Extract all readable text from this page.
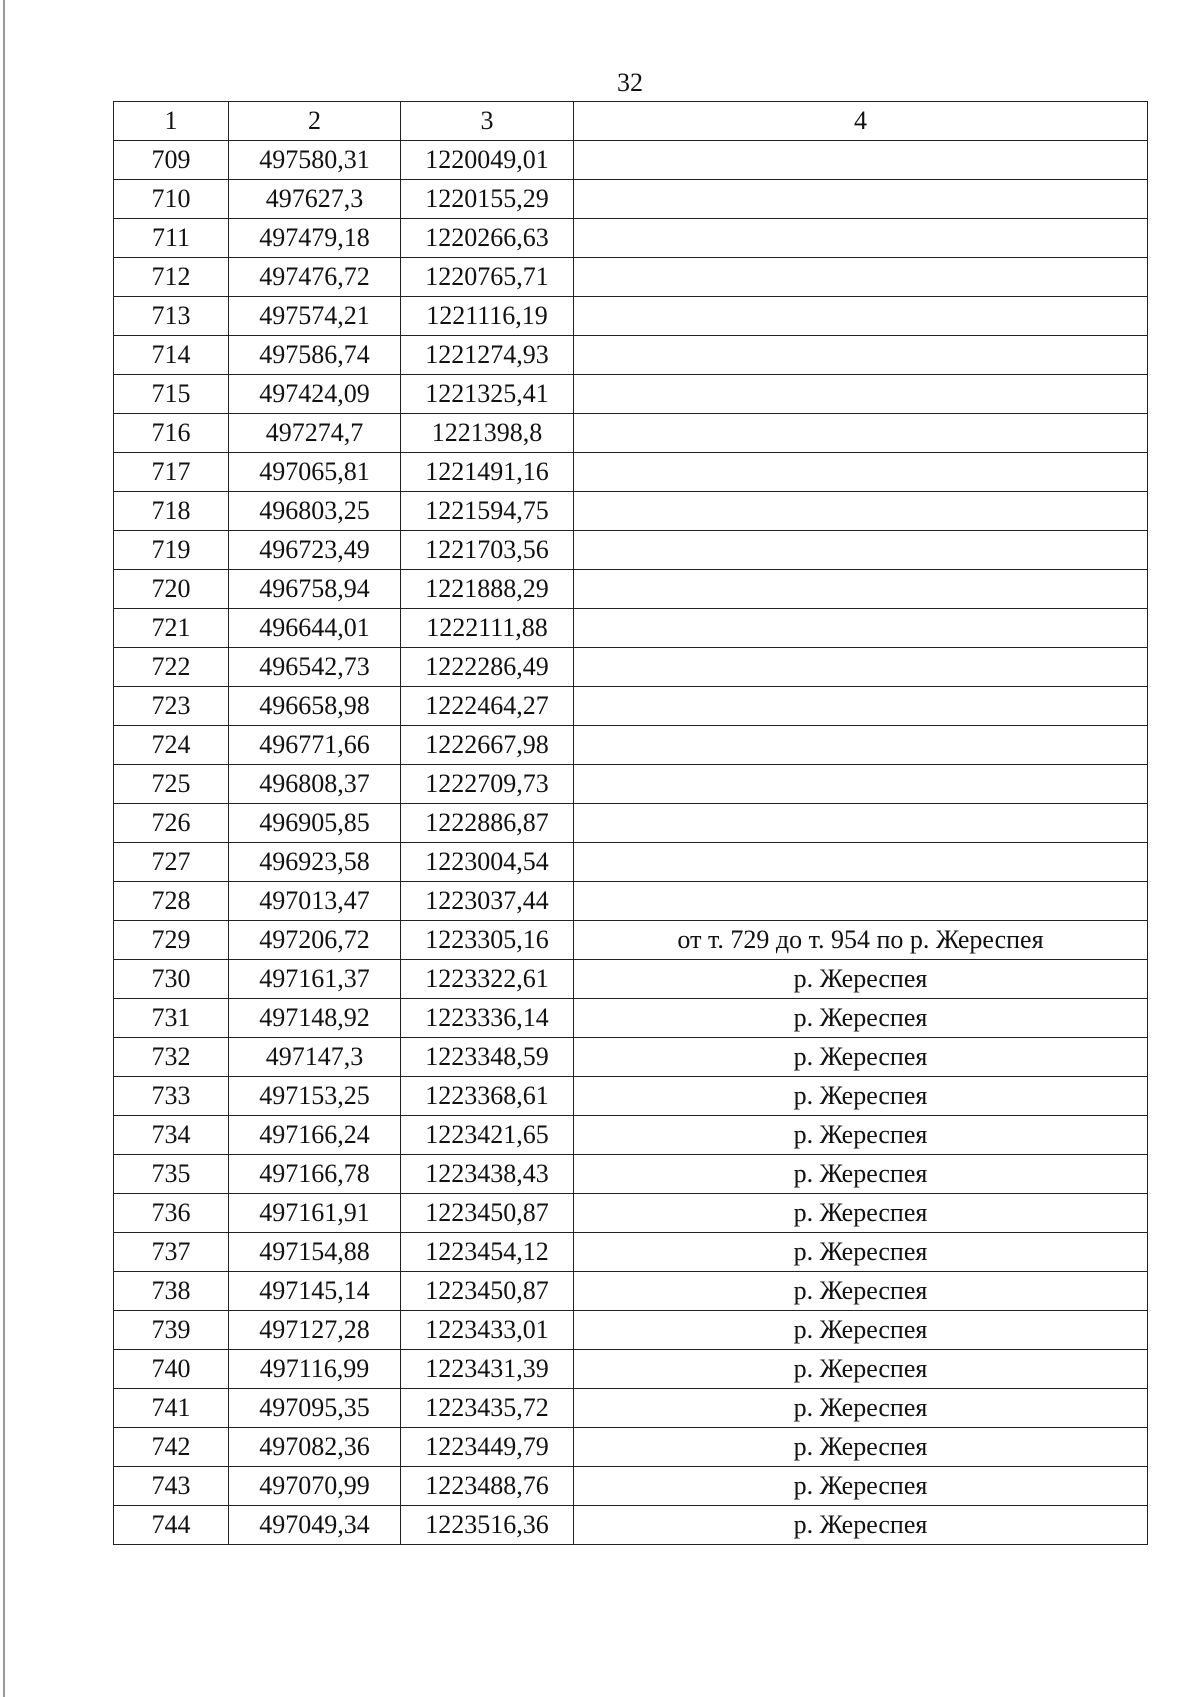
32
1	2	3	4
709	497580,31	1220049,01	
710	497627,3	1220155,29	
711	497479,18	1220266,63	
712	497476,72	1220765,71	
713	497574,21	1221116,19	
714	497586,74	1221274,93	
715	497424,09	1221325,41	
716	497274,7	1221398,8	
717	497065,81	1221491,16	
718	496803,25	1221594,75	
719	496723,49	1221703,56	
720	496758,94	1221888,29	
721	496644,01	1222111,88	
722	496542,73	1222286,49	
723	496658,98	1222464,27	
724	496771,66	1222667,98	
725	496808,37	1222709,73	
726	496905,85	1222886,87	
727	496923,58	1223004,54	
728	497013,47	1223037,44	
729	497206,72	1223305,16	от т. 729 до т. 954 по р. Жереспея
730	497161,37	1223322,61	р. Жереспея
731	497148,92	1223336,14	р. Жереспея
732	497147,3	1223348,59	р. Жереспея
733	497153,25	1223368,61	р. Жереспея
734	497166,24	1223421,65	р. Жереспея
735	497166,78	1223438,43	р. Жереспея
736	497161,91	1223450,87	р. Жереспея
737	497154,88	1223454,12	р. Жереспея
738	497145,14	1223450,87	р. Жереспея
739	497127,28	1223433,01	р. Жереспея
740	497116,99	1223431,39	р. Жереспея
741	497095,35	1223435,72	р. Жереспея
742	497082,36	1223449,79	р. Жереспея
743	497070,99	1223488,76	р. Жереспея
744	497049,34	1223516,36	р. Жереспея
